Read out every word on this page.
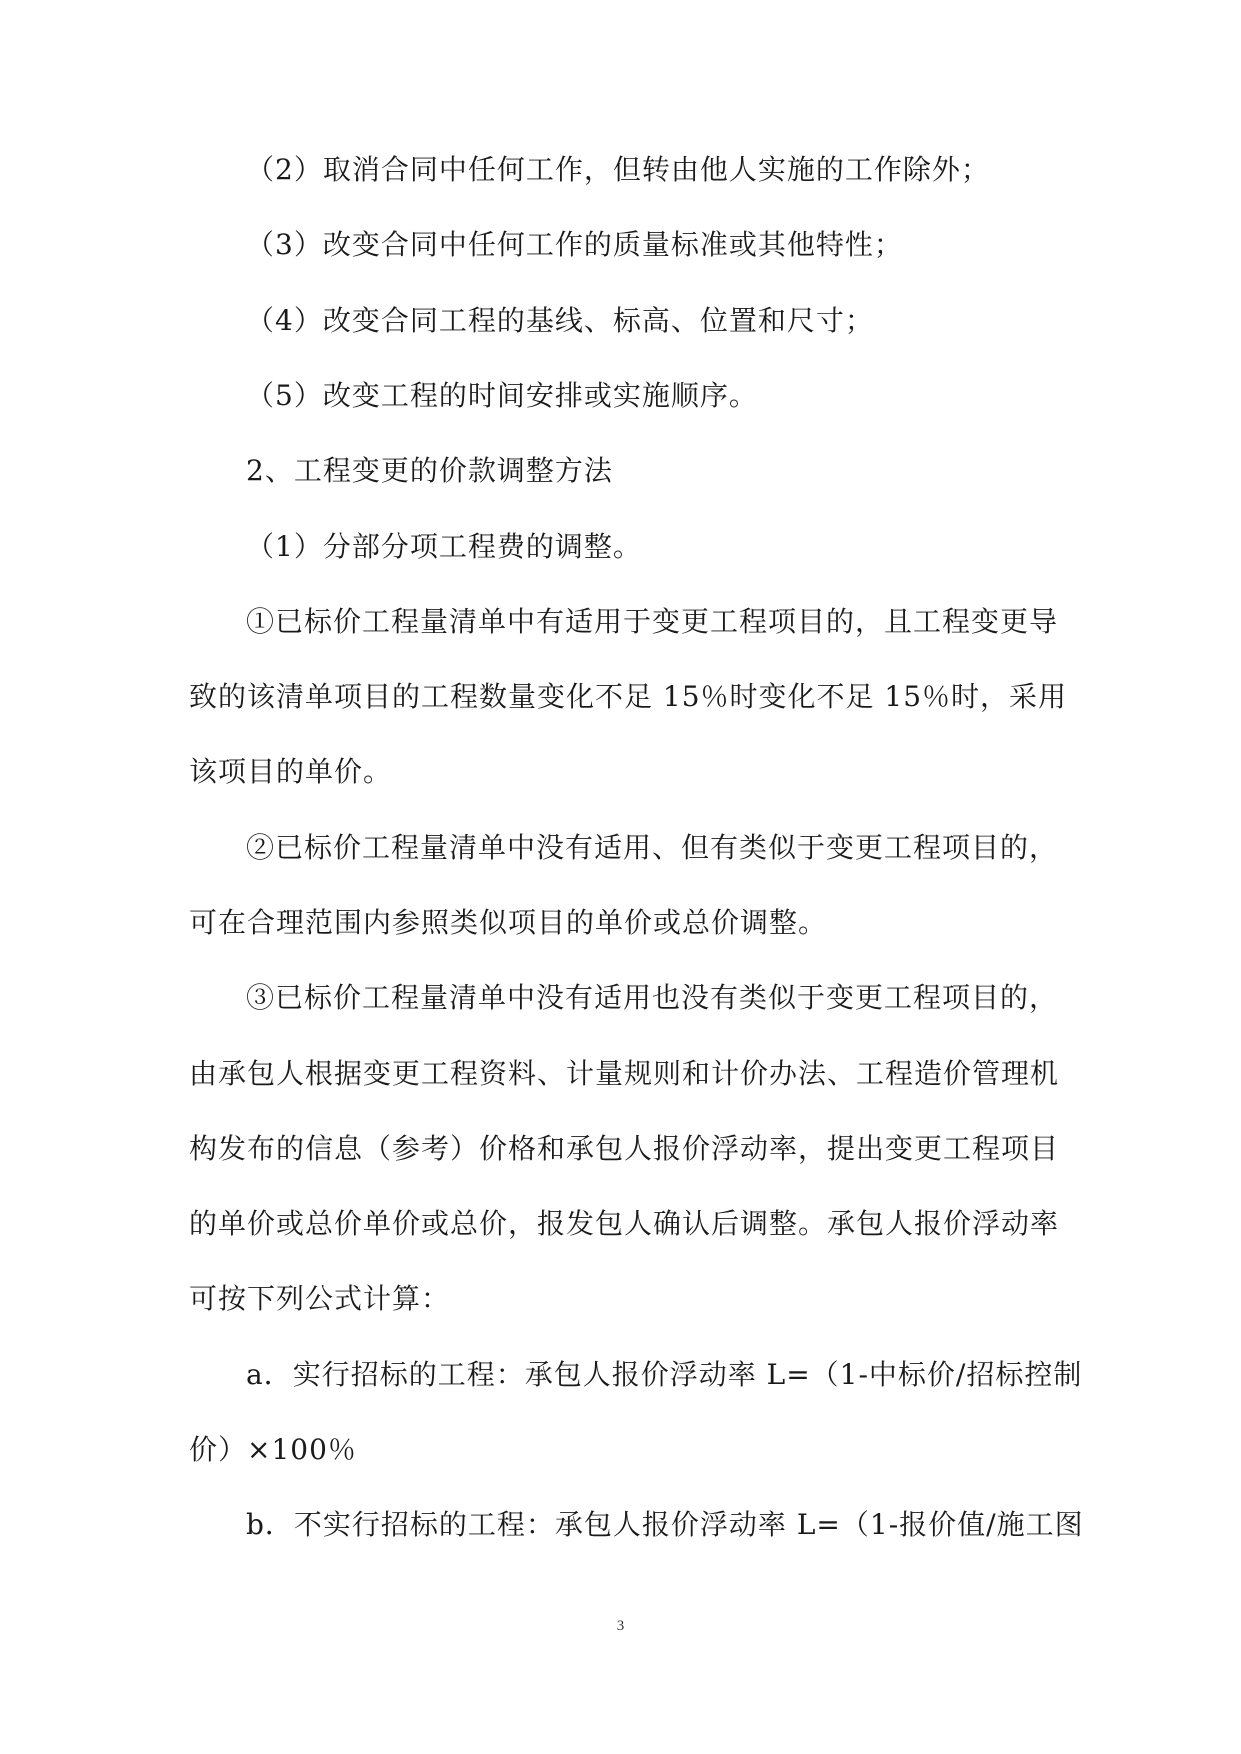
（2）取消合同中任何工作，但转由他人实施的工作除外；
（3）改变合同中任何工作的质量标准或其他特性；
（4）改变合同工程的基线、标高、位置和尺寸；
（5）改变工程的时间安排或实施顺序。
2、工程变更的价款调整方法
（1）分部分项工程费的调整。
①已标价工程量清单中有适用于变更工程项目的，且工程变更导
致的该清单项目的工程数量变化不足 15％时变化不足 15％时，采用
该项目的单价。
②已标价工程量清单中没有适用、但有类似于变更工程项目的，
可在合理范围内参照类似项目的单价或总价调整。
③已标价工程量清单中没有适用也没有类似于变更工程项目的，
由承包人根据变更工程资料、计量规则和计价办法、工程造价管理机
构发布的信息（参考）价格和承包人报价浮动率，提出变更工程项目
的单价或总价单价或总价，报发包人确认后调整。承包人报价浮动率
可按下列公式计算：
a．实行招标的工程：承包人报价浮动率 L=（1-中标价/招标控制
价）×100％
b．不实行招标的工程：承包人报价浮动率 L=（1-报价值/施工图
3
